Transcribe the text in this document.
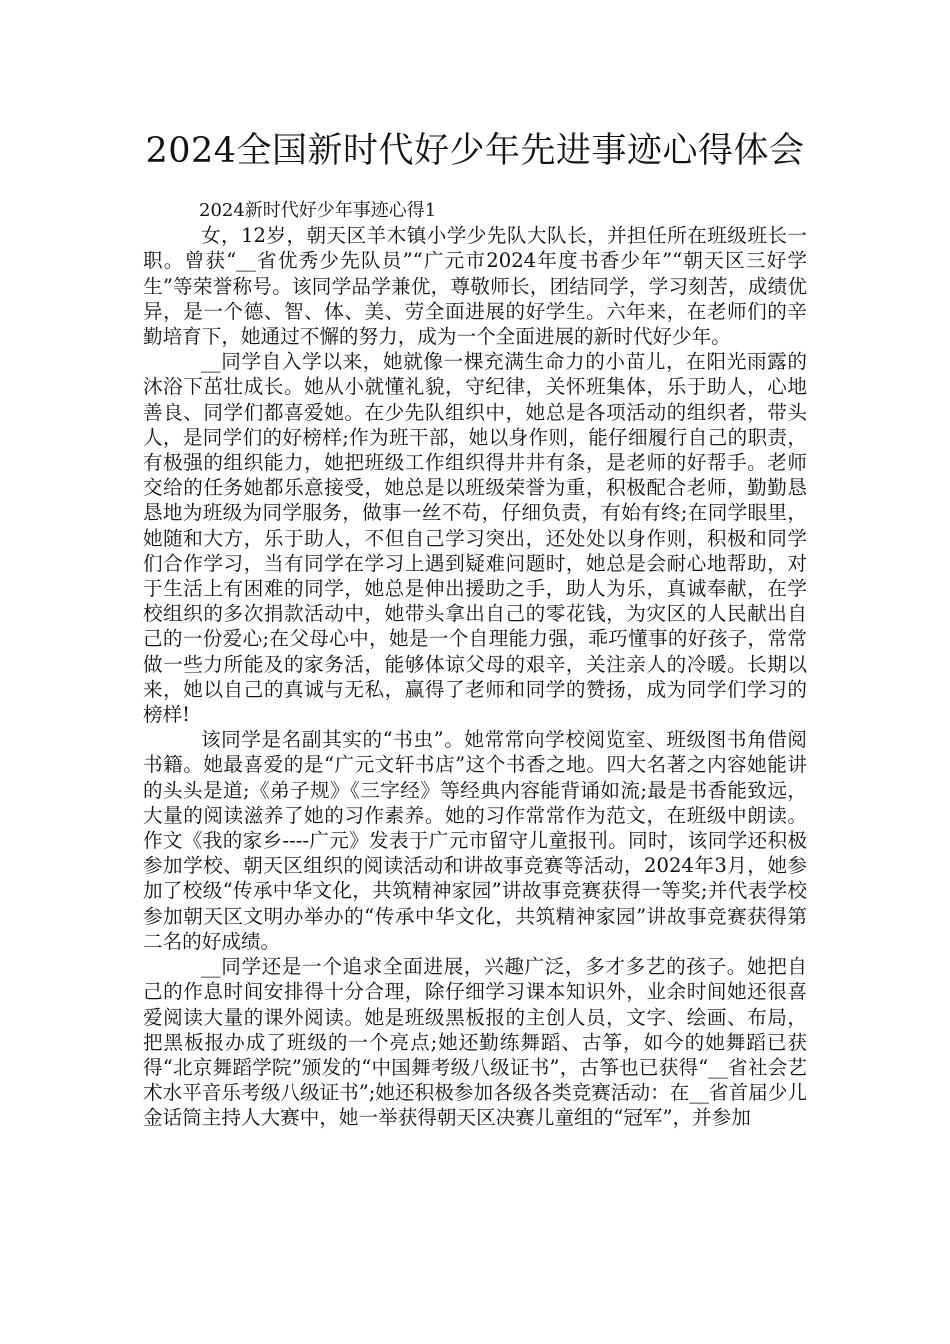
2024全国新时代好少年先进事迹心得体会

2024新时代好少年事迹心得1

女，12岁，朝天区羊木镇小学少先队大队长，并担任所在班级班长一职。曾获“__省优秀少先队员”“广元市2024年度书香少年”“朝天区三好学生”等荣誉称号。该同学品学兼优，尊敬师长，团结同学，学习刻苦，成绩优异，是一个德、智、体、美、劳全面进展的好学生。六年来，在老师们的辛勤培育下，她通过不懈的努力，成为一个全面进展的新时代好少年。

__同学自入学以来，她就像一棵充满生命力的小苗儿，在阳光雨露的沐浴下茁壮成长。她从小就懂礼貌，守纪律，关怀班集体，乐于助人，心地善良、同学们都喜爱她。在少先队组织中，她总是各项活动的组织者，带头人，是同学们的好榜样;作为班干部，她以身作则，能仔细履行自己的职责，有极强的组织能力，她把班级工作组织得井井有条，是老师的好帮手。老师交给的任务她都乐意接受，她总是以班级荣誉为重，积极配合老师，勤勤恳恳地为班级为同学服务，做事一丝不苟，仔细负责，有始有终;在同学眼里，她随和大方，乐于助人，不但自己学习突出，还处处以身作则，积极和同学们合作学习，当有同学在学习上遇到疑难问题时，她总是会耐心地帮助，对于生活上有困难的同学，她总是伸出援助之手，助人为乐，真诚奉献，在学校组织的多次捐款活动中，她带头拿出自己的零花钱，为灾区的人民献出自己的一份爱心;在父母心中，她是一个自理能力强，乖巧懂事的好孩子，常常做一些力所能及的家务活，能够体谅父母的艰辛，关注亲人的冷暖。长期以来，她以自己的真诚与无私，赢得了老师和同学的赞扬，成为同学们学习的榜样!

该同学是名副其实的“书虫”。她常常向学校阅览室、班级图书角借阅书籍。她最喜爱的是“广元文轩书店”这个书香之地。四大名著之内容她能讲的头头是道;《弟子规》《三字经》等经典内容能背诵如流;最是书香能致远，大量的阅读滋养了她的习作素养。她的习作常常作为范文，在班级中朗读。作文《我的家乡----广元》发表于广元市留守儿童报刊。同时，该同学还积极参加学校、朝天区组织的阅读活动和讲故事竞赛等活动，2024年3月，她参加了校级“传承中华文化，共筑精神家园”讲故事竞赛获得一等奖;并代表学校参加朝天区文明办举办的“传承中华文化，共筑精神家园”讲故事竞赛获得第二名的好成绩。

__同学还是一个追求全面进展，兴趣广泛，多才多艺的孩子。她把自己的作息时间安排得十分合理，除仔细学习课本知识外，业余时间她还很喜爱阅读大量的课外阅读。她是班级黑板报的主创人员，文字、绘画、布局，把黑板报办成了班级的一个亮点;她还勤练舞蹈、古筝，如今的她舞蹈已获得“北京舞蹈学院”颁发的“中国舞考级八级证书”，古筝也已获得“__省社会艺术水平音乐考级八级证书”;她还积极参加各级各类竞赛活动：在__省首届少儿金话筒主持人大赛中，她一举获得朝天区决赛儿童组的“冠军”，并参加
